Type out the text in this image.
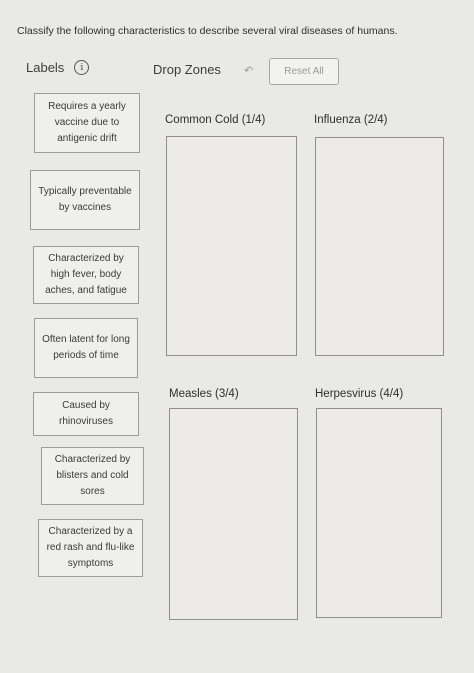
Classify the following characteristics to describe several viral diseases of humans.
Labels	i	Drop Zones ↶	Reset All
Requires a yearly vaccine due to antigenic drift
Typically preventable by vaccines
Characterized by high fever, body aches, and fatigue
Often latent for long periods of time
Caused by rhinoviruses
Characterized by blisters and cold sores
Characterized by a red rash and flu-like symptoms
Common Cold (1/4)	Influenza (2/4)
Measles (3/4)	Herpesvirus (4/4)
